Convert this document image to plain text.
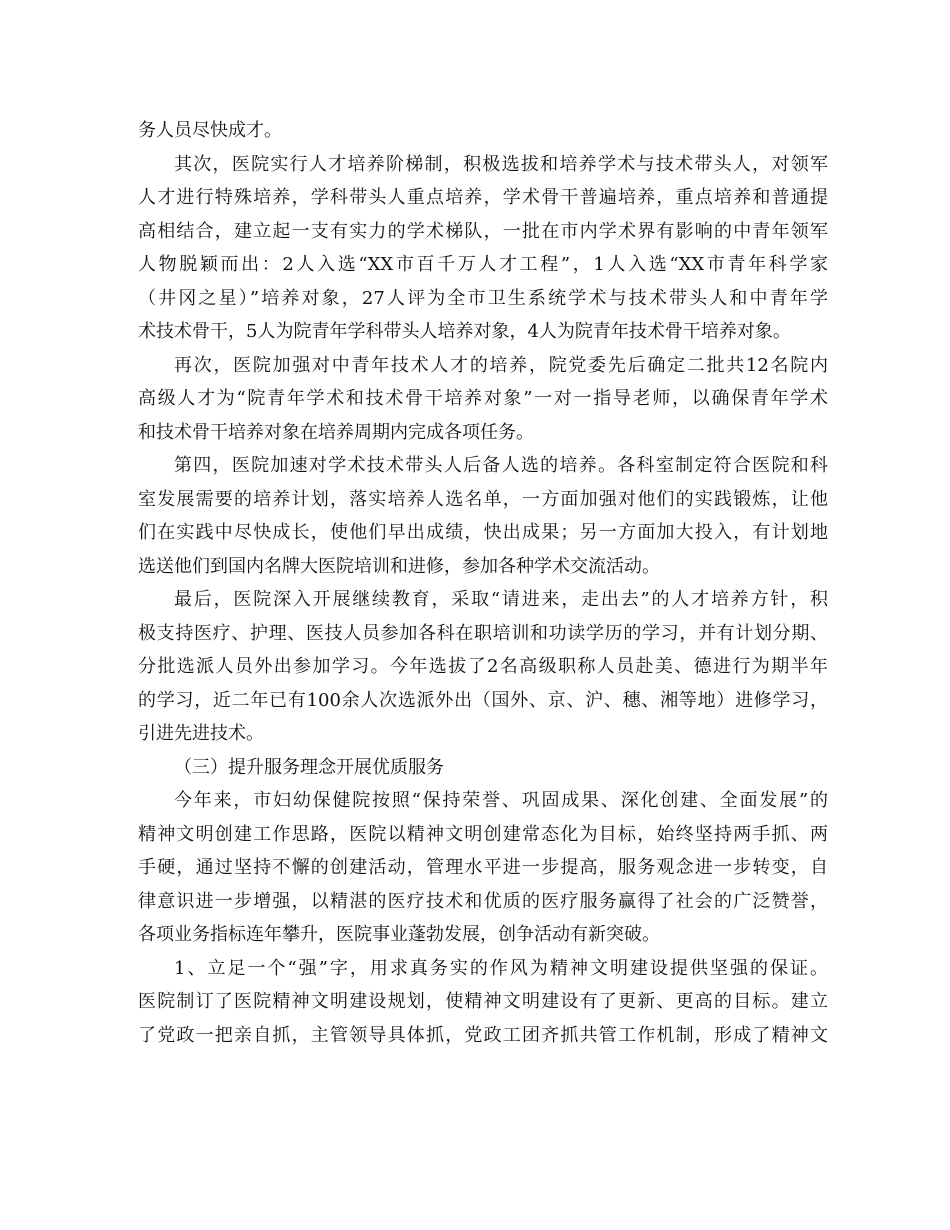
务人员尽快成才。
其次，医院实行人才培养阶梯制，积极选拔和培养学术与技术带头人，对领军
人才进行特殊培养，学科带头人重点培养，学术骨干普遍培养，重点培养和普通提
高相结合，建立起一支有实力的学术梯队，一批在市内学术界有影响的中青年领军
人物脱颖而出：2人入选“XX市百千万人才工程”，1人入选“XX市青年科学家
（井冈之星）”培养对象，27人评为全市卫生系统学术与技术带头人和中青年学
术技术骨干，5人为院青年学科带头人培养对象，4人为院青年技术骨干培养对象。
再次，医院加强对中青年技术人才的培养，院党委先后确定二批共12名院内
高级人才为“院青年学术和技术骨干培养对象”一对一指导老师，以确保青年学术
和技术骨干培养对象在培养周期内完成各项任务。
第四，医院加速对学术技术带头人后备人选的培养。各科室制定符合医院和科
室发展需要的培养计划，落实培养人选名单，一方面加强对他们的实践锻炼，让他
们在实践中尽快成长，使他们早出成绩，快出成果；另一方面加大投入，有计划地
选送他们到国内名牌大医院培训和进修，参加各种学术交流活动。
最后，医院深入开展继续教育，采取“请进来，走出去”的人才培养方针，积
极支持医疗、护理、医技人员参加各科在职培训和功读学历的学习，并有计划分期、
分批选派人员外出参加学习。今年选拔了2名高级职称人员赴美、德进行为期半年
的学习，近二年已有100余人次选派外出（国外、京、沪、穗、湘等地）进修学习，
引进先进技术。
（三）提升服务理念开展优质服务
今年来，市妇幼保健院按照“保持荣誉、巩固成果、深化创建、全面发展”的
精神文明创建工作思路，医院以精神文明创建常态化为目标，始终坚持两手抓、两
手硬，通过坚持不懈的创建活动，管理水平进一步提高，服务观念进一步转变，自
律意识进一步增强，以精湛的医疗技术和优质的医疗服务赢得了社会的广泛赞誉，
各项业务指标连年攀升，医院事业蓬勃发展，创争活动有新突破。
1、立足一个“强”字，用求真务实的作风为精神文明建设提供坚强的保证。
医院制订了医院精神文明建设规划，使精神文明建设有了更新、更高的目标。建立
了党政一把亲自抓，主管领导具体抓，党政工团齐抓共管工作机制，形成了精神文
